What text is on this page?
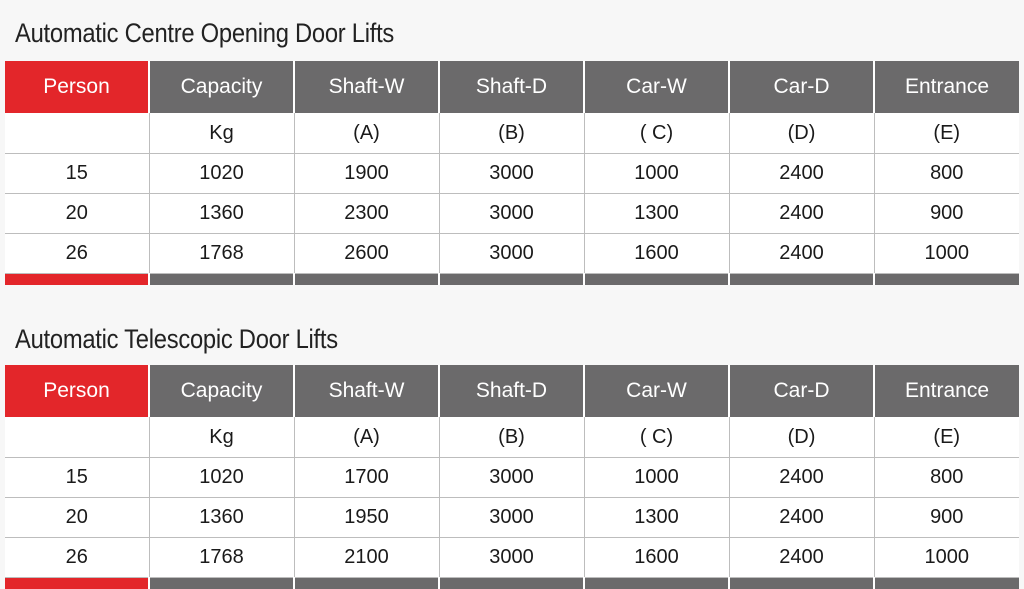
Automatic Centre Opening Door Lifts
Person	Capacity	Shaft-W	Shaft-D	Car-W	Car-D	Entrance
	Kg	(A)	(B)	( C)	(D)	(E)
15	1020	1900	3000	1000	2400	800
20	1360	2300	3000	1300	2400	900
26	1768	2600	3000	1600	2400	1000

Automatic Telescopic Door Lifts
Person	Capacity	Shaft-W	Shaft-D	Car-W	Car-D	Entrance
	Kg	(A)	(B)	( C)	(D)	(E)
15	1020	1700	3000	1000	2400	800
20	1360	1950	3000	1300	2400	900
26	1768	2100	3000	1600	2400	1000
